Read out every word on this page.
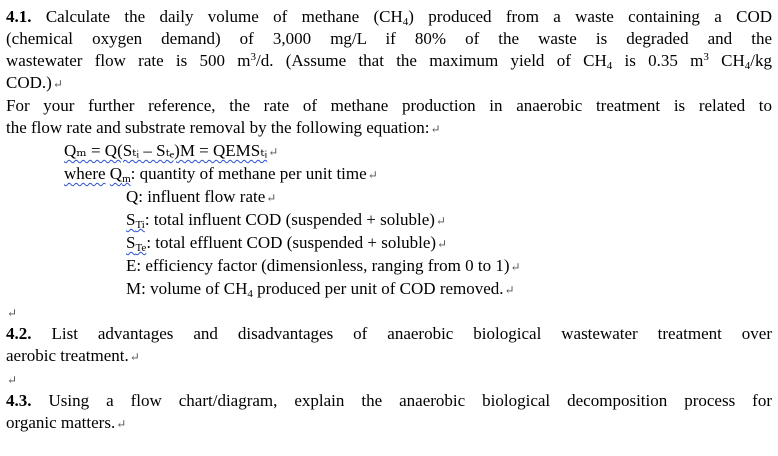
4.1. Calculate the daily volume of methane $(CH_4)$ produced from a waste containing a COD
(chemical oxygen demand) of 3,000 mg/L if 80% of the waste is degraded and the
wastewater flow rate is 500 $m^3/d$. (Assume that the maximum yield of $CH_4$ is 0.35 $m^3$ $CH_4/kg$
COD.)↵
For your further reference, the rate of methane production in anaerobic treatment is related to
the flow rate and substrate removal by the following equation:↵
Qₘ = Q(Sₜᵢ – Sₜₑ)M = QEMSₜᵢ↵
where $Q_m$: quantity of methane per unit time↵
Q: influent flow rate↵
$S_{Ti}$: total influent COD (suspended + soluble)↵
$S_{Te}$: total effluent COD (suspended + soluble)↵
E: efficiency factor (dimensionless, ranging from 0 to 1)↵
M: volume of $CH_4$ produced per unit of COD removed.↵
↵
4.2. List advantages and disadvantages of anaerobic biological wastewater treatment over
aerobic treatment.↵
↵
4.3. Using a flow chart/diagram, explain the anaerobic biological decomposition process for
organic matters.↵
